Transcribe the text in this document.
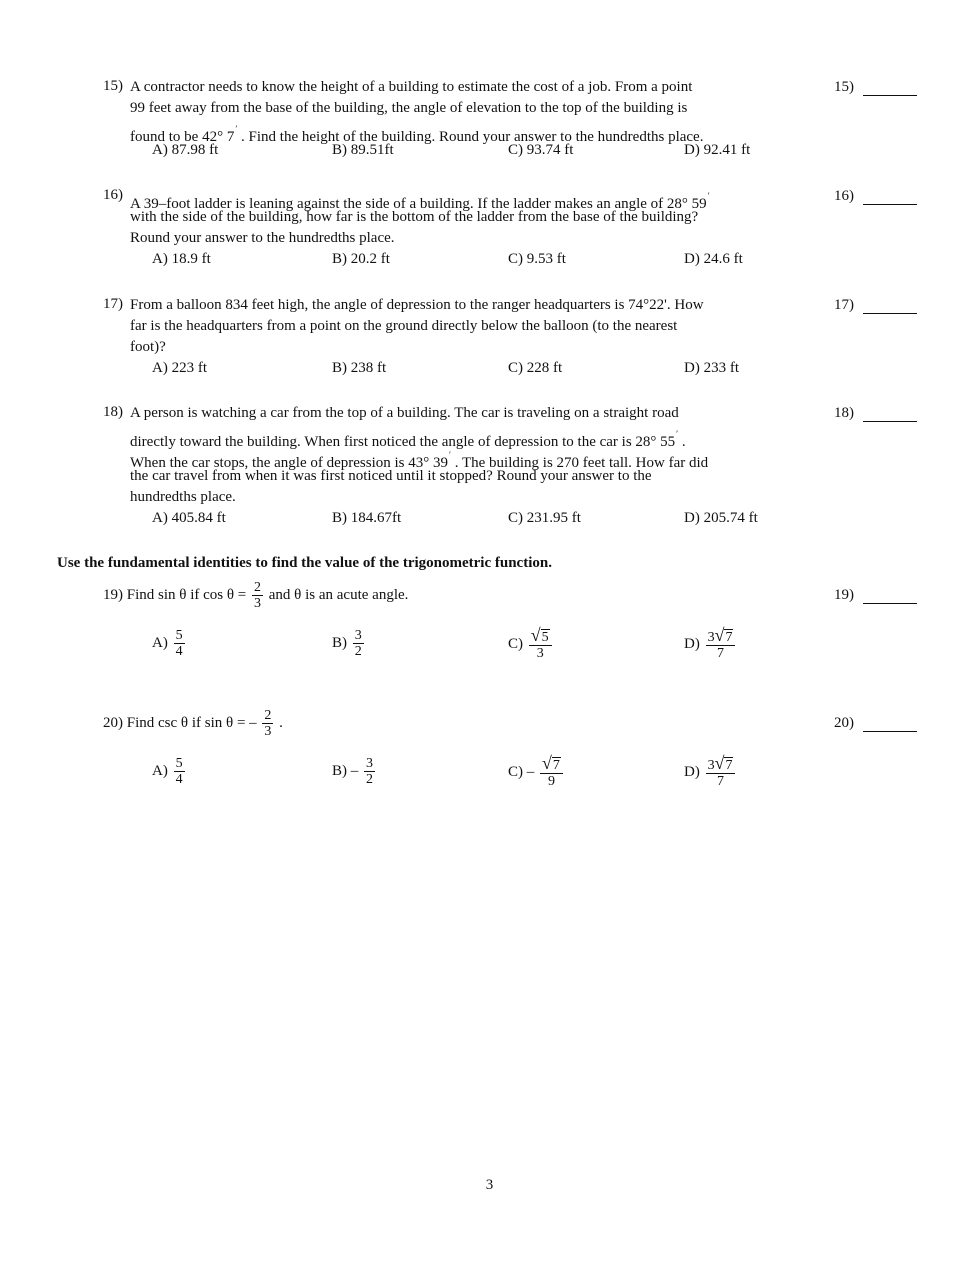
15) A contractor needs to know the height of a building to estimate the cost of a job. From a point
99 feet away from the base of the building, the angle of elevation to the top of the building is
found to be 42° 7′ . Find the height of the building. Round your answer to the hundredths place.
A) 87.98 ft	B) 89.51ft	C) 93.74 ft	D) 92.41 ft
15)
16)
A 39–foot ladder is leaning against the side of a building. If the ladder makes an angle of 28° 59′
with the side of the building, how far is the bottom of the ladder from the base of the building?
Round your answer to the hundredths place.
A) 18.9 ft	B) 20.2 ft	C) 9.53 ft	D) 24.6 ft
16)
17) From a balloon 834 feet high, the angle of depression to the ranger headquarters is 74°22'. How
far is the headquarters from a point on the ground directly below the balloon (to the nearest
foot)?
A) 223 ft	B) 238 ft	C) 228 ft	D) 233 ft
17)
18) A person is watching a car from the top of a building. The car is traveling on a straight road
directly toward the building. When first noticed the angle of depression to the car is 28° 55′ .
When the car stops, the angle of depression is 43° 39′ . The building is 270 feet tall. How far did
the car travel from when it was first noticed until it stopped? Round your answer to the
hundredths place.
A) 405.84 ft	B) 184.67ft	C) 231.95 ft	D) 205.74 ft
18)
Use the fundamental identities to find the value of the trigonometric function.
19) Find sin θ if $\cos \theta = \frac{2}{3}$ and θ is an acute angle.
$A) \frac{5}{4}$	$B) \frac{3}{2}$	$C) \frac{√5}{3}$	$D) \frac{3√7}{7}$
19)
20) Find csc θ if sin θ = – $\frac{2}{3}$ .
$A) \frac{5}{4}$	$B) - \frac{3}{2}$	$C) - \frac{√7}{9}$	$D) \frac{3√7}{7}$
20)
3
